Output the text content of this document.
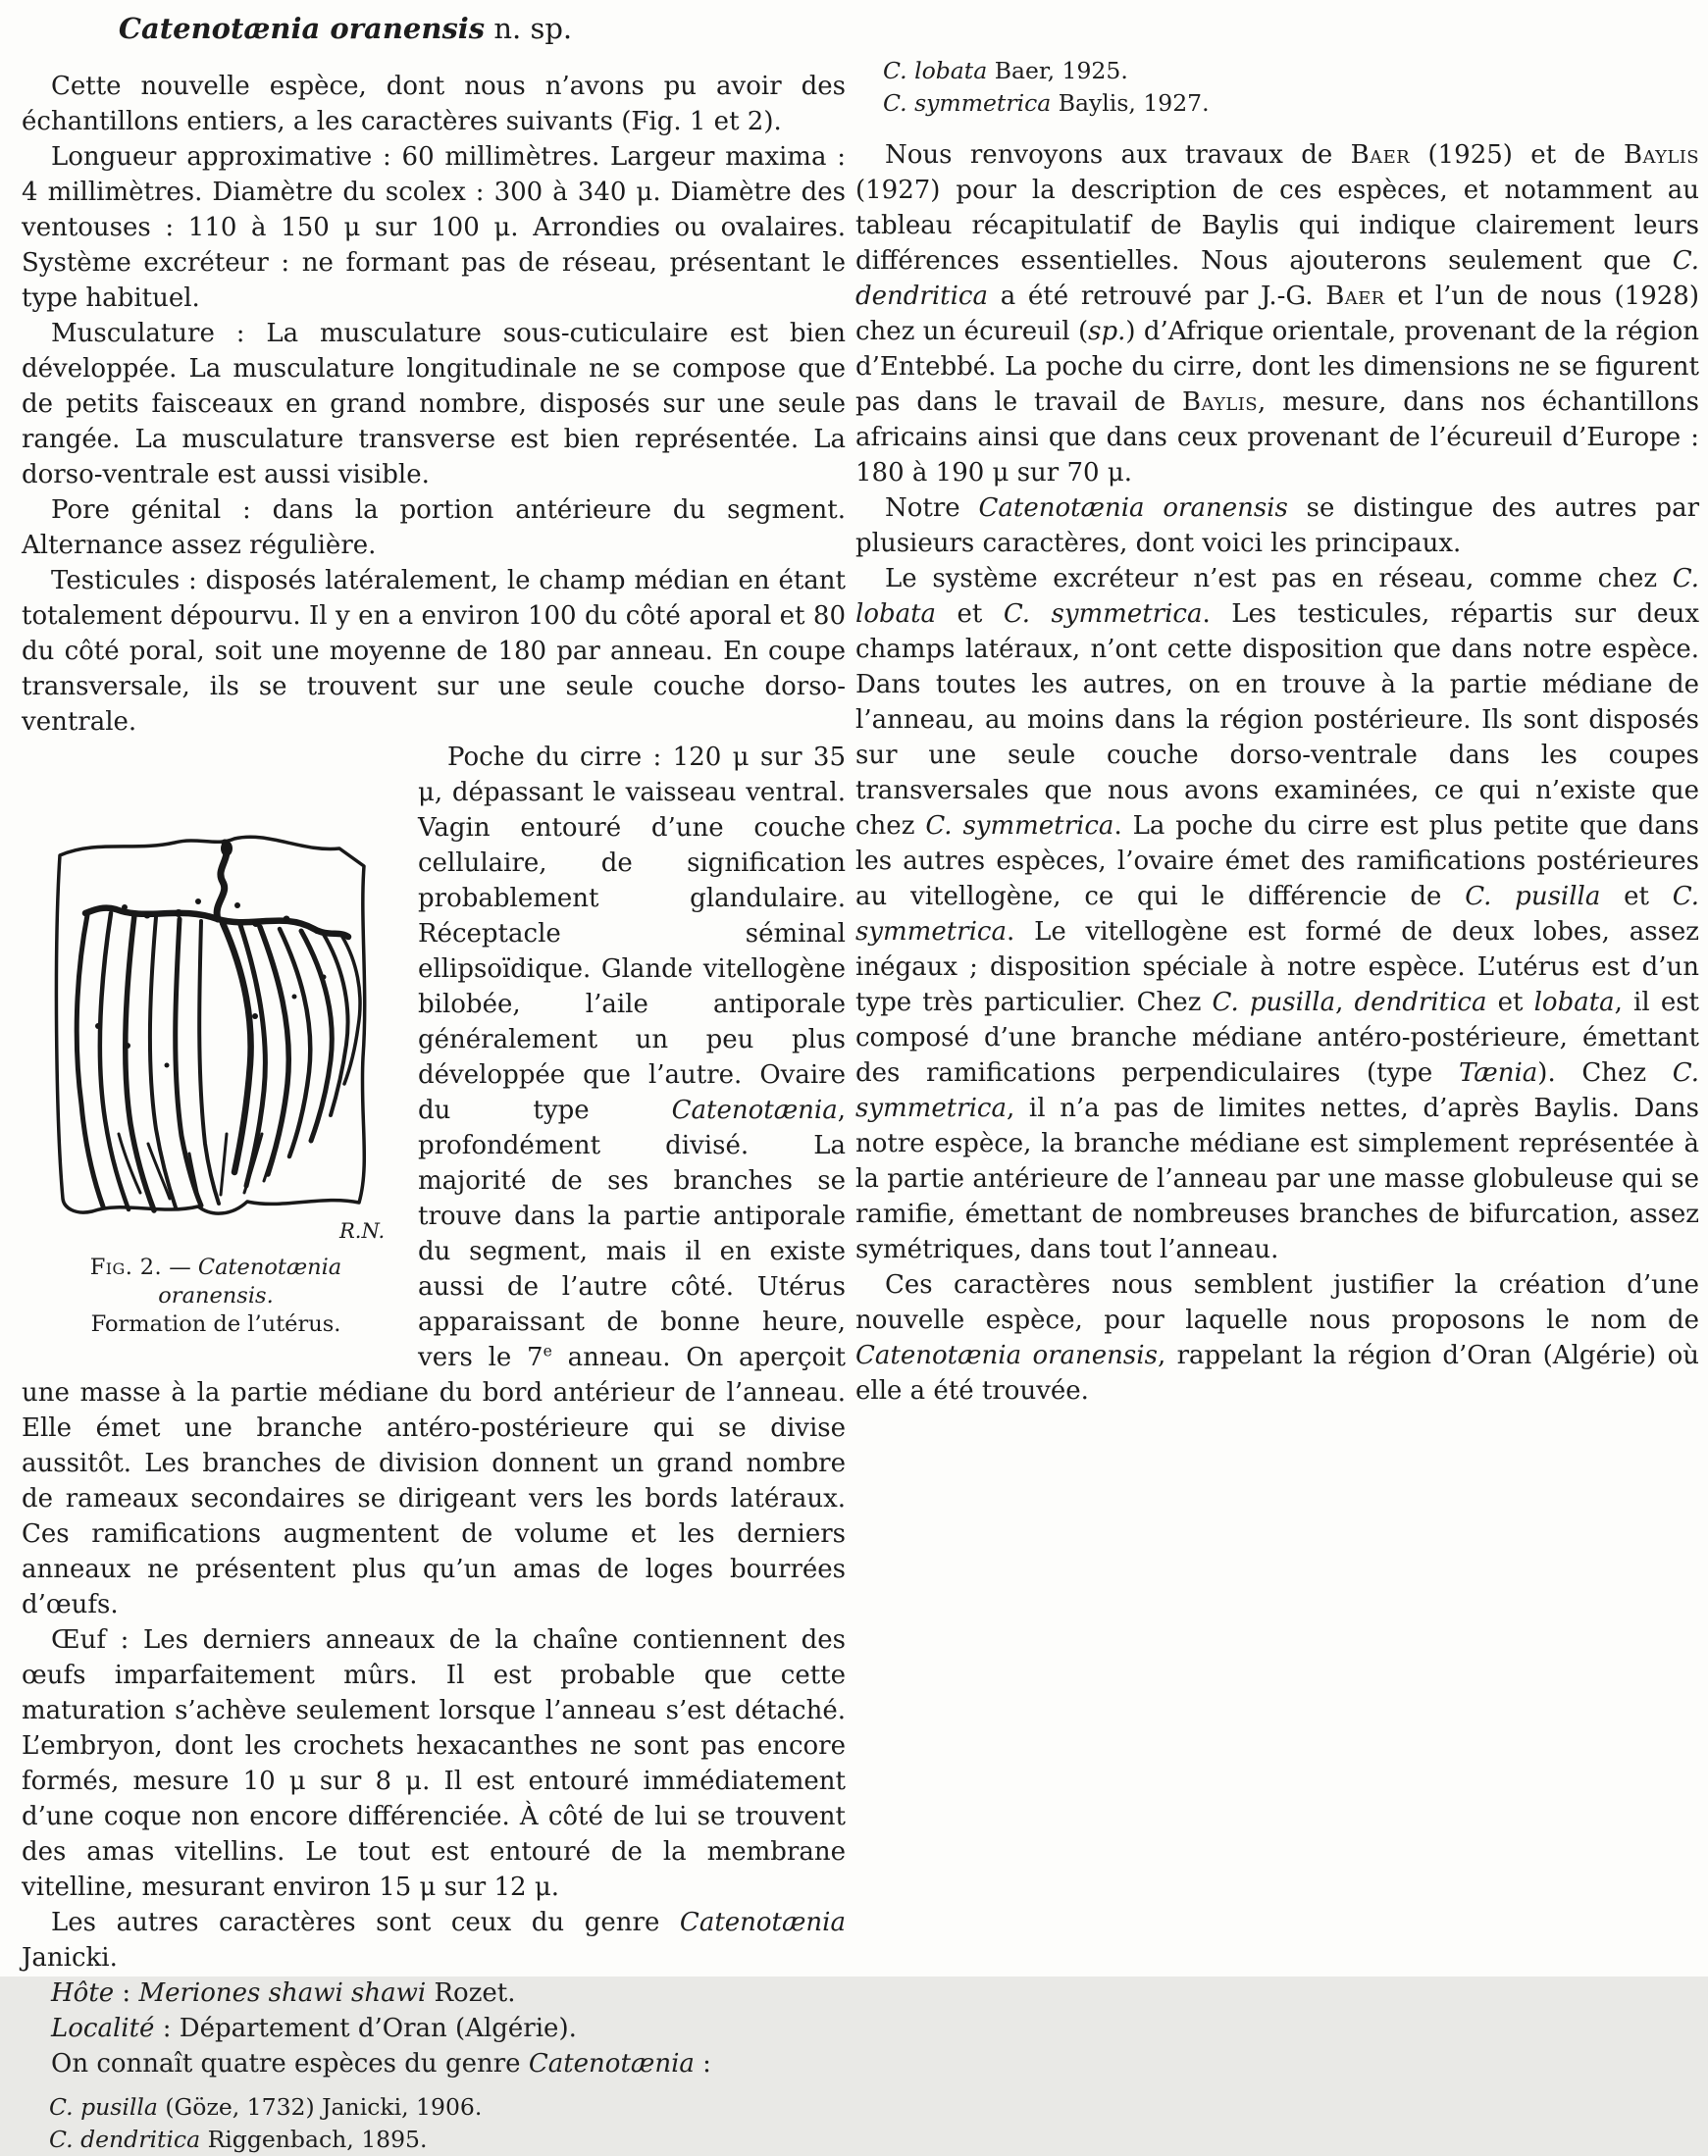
Catenotænia oranensis n. sp.

Cette nouvelle espèce, dont nous n’avons pu avoir des échantillons entiers, a les caractères suivants (Fig. 1 et 2).

Longueur approximative : 60 millimètres. Largeur maxima : 4 millimètres. Diamètre du scolex : 300 à 340 μ. Diamètre des ventouses : 110 à 150 μ sur 100 μ. Arrondies ou ovalaires. Système excréteur : ne formant pas de réseau, présentant le type habituel.

Musculature : La musculature sous-cuticulaire est bien développée. La musculature longitudinale ne se compose que de petits faisceaux en grand nombre, disposés sur une seule rangée. La musculature transverse est bien représentée. La dorso-ventrale est aussi visible.

Pore génital : dans la portion antérieure du segment. Alternance assez régulière.

Testicules : disposés latéralement, le champ médian en étant totalement dépourvu. Il y en a environ 100 du côté aporal et 80 du côté poral, soit une moyenne de 180 par anneau. En coupe transversale, ils se trouvent sur une seule couche dorso-ventrale.

R.N.
Fig. 2. — Catenotænia oranensis.
Formation de l’utérus.
Poche du cirre : 120 μ sur 35 μ, dépassant le vaisseau ventral. Vagin entouré d’une couche cellulaire, de signification probablement glandulaire. Réceptacle séminal ellipsoïdique. Glande vitellogène bilobée, l’aile antiporale généralement un peu plus développée que l’autre. Ovaire du type Catenotænia, profondément divisé. La majorité de ses branches se trouve dans la partie antiporale du segment, mais il en existe aussi de l’autre côté. Utérus apparaissant de bonne heure, vers le 7e anneau. On aperçoit une masse à la partie médiane du bord antérieur de l’anneau. Elle émet une branche antéro-postérieure qui se divise aussitôt. Les branches de division donnent un grand nombre de rameaux secondaires se dirigeant vers les bords latéraux. Ces ramifications augmentent de volume et les derniers anneaux ne présentent plus qu’un amas de loges bourrées d’œufs.

Œuf : Les derniers anneaux de la chaîne contiennent des œufs imparfaitement mûrs. Il est probable que cette maturation s’achève seulement lorsque l’anneau s’est détaché. L’embryon, dont les crochets hexacanthes ne sont pas encore formés, mesure 10 μ sur 8 μ. Il est entouré immédiatement d’une coque non encore différenciée. À côté de lui se trouvent des amas vitellins. Le tout est entouré de la membrane vitelline, mesurant environ 15 μ sur 12 μ.

Les autres caractères sont ceux du genre Catenotænia Janicki.

Hôte : Meriones shawi shawi Rozet.

Localité : Département d’Oran (Algérie).

On connaît quatre espèces du genre Catenotænia :

C. pusilla (Göze, 1732) Janicki, 1906.

C. dendritica Riggenbach, 1895.

C. lobata Baer, 1925.

C. symmetrica Baylis, 1927.

Nous renvoyons aux travaux de Baer (1925) et de Baylis (1927) pour la description de ces espèces, et notamment au tableau récapitulatif de Baylis qui indique clairement leurs différences essentielles. Nous ajouterons seulement que C. dendritica a été retrouvé par J.-G. Baer et l’un de nous (1928) chez un écureuil (sp.) d’Afrique orientale, provenant de la région d’Entebbé. La poche du cirre, dont les dimensions ne se figurent pas dans le travail de Baylis, mesure, dans nos échantillons africains ainsi que dans ceux provenant de l’écureuil d’Europe : 180 à 190 μ sur 70 μ.

Notre Catenotænia oranensis se distingue des autres par plusieurs caractères, dont voici les principaux.

Le système excréteur n’est pas en réseau, comme chez C. lobata et C. symmetrica. Les testicules, répartis sur deux champs latéraux, n’ont cette disposition que dans notre espèce. Dans toutes les autres, on en trouve à la partie médiane de l’anneau, au moins dans la région postérieure. Ils sont disposés sur une seule couche dorso-ventrale dans les coupes transversales que nous avons examinées, ce qui n’existe que chez C. symmetrica. La poche du cirre est plus petite que dans les autres espèces, l’ovaire émet des ramifications postérieures au vitellogène, ce qui le différencie de C. pusilla et C. symmetrica. Le vitellogène est formé de deux lobes, assez inégaux ; disposition spéciale à notre espèce. L’utérus est d’un type très particulier. Chez C. pusilla, dendritica et lobata, il est composé d’une branche médiane antéro-postérieure, émettant des ramifications perpendiculaires (type Tænia). Chez C. symmetrica, il n’a pas de limites nettes, d’après Baylis. Dans notre espèce, la branche médiane est simplement représentée à la partie antérieure de l’anneau par une masse globuleuse qui se ramifie, émettant de nombreuses branches de bifurcation, assez symétriques, dans tout l’anneau.

Ces caractères nous semblent justifier la création d’une nouvelle espèce, pour laquelle nous proposons le nom de Catenotænia oranensis, rappelant la région d’Oran (Algérie) où elle a été trouvée.
